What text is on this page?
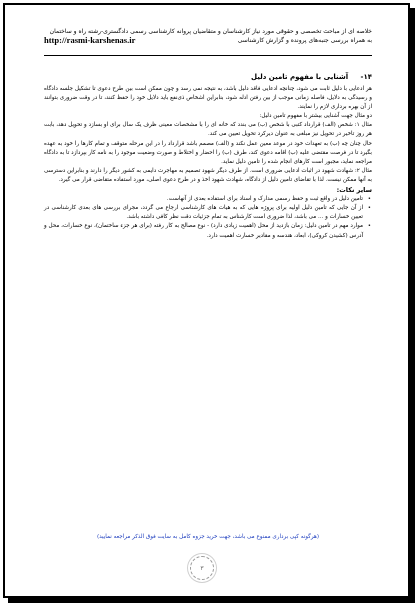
خلاصه ای از مباحث تخصصی و حقوقی مورد نیاز کارشناسان و متقاضیان پروانه کارشناسی رسمی دادگستری-رشته راه و ساختمان
به همراه بررسی جنبه‌های پرونده و گزارش کارشناسی
http://rasmi-karshenas.ir
۱۴- آشنایی با مفهوم تامین دلیل

هر ادعایی با دلیل ثابت می شود، چنانچه ادعایی فاقد دلیل باشد، به نتیجه نمی رسد و چون ممکن است بین طرح دعوی تا تشکیل جلسه دادگاه و رسیدگی به دلایل، فاصله زمانی موجب از بین رفتن ادله شود، بنابراین اشخاص ذی‌نفع باید دلایل خود را حفظ کنند، تا در وقت ضروری بتوانند از آن بهره برداری لازم را نمایند.

دو مثال جهت آشنایی بیشتر با مفهوم تامین دلیل:

مثال ۱: شخص (الف) قرارداد کتبی با شخص (ب) می بندد که خانه ای را با مشخصات معینی ظرف یک سال برای او بسازد و تحویل دهد، بابت هر روز تاخیر در تحویل نیز مبلغی به عنوان دیرکرد تحویل تعیین می کند.

حال چنان چه (ب) به تعهدات خود در موعد معین عمل نکند و (الف) مصمم باشد قرارداد را در این مرحله متوقف و تمام کارها را خود به عهده بگیرد تا در فرصت مقتضی علیه (ب) اقامه دعوی کند، طرف (ب) را احضار و اختلاط و صورت وضعیت موجود را به نامه کار بپردازد تا به دادگاه مراجعه نماید، مجبور است کارهای انجام شده را تامین دلیل نماید.

مثال ۲: شهادت شهود در اثبات ادعایی ضروری است. از طرف دیگر شهود تصمیم به مهاجرت دایمی به کشور دیگر را دارند و بنابراین دسترسی به آنها ممکن نیست. لذا با تقاضای تامین دلیل از دادگاه، شهادت شهود اخذ و در طرح دعوی اصلی، مورد استفاده متقاضی قرار می گیرد.

سایر نکات:

• تامین دلیل در واقع ثبت و حفظ رسمی مدارک و اسناد برای استفاده بعدی از آنهاست.

• از آن جایی که تامین دلیل اولیه برای پروژه هایی که به هیات های کارشناسی ارجاع می گردد، مجرای بررسی های بعدی کارشناسی در تعیین خسارات و ... می باشد، لذا ضروری است کارشناس به تمام جزئیات دقت نظر کافی داشته باشد.

• موارد مهم در تامین دلیل: زمان بازدید از محل (اهمیت زیادی دارد) - نوع مصالح به کار رفته (برای هر جزء ساختمان)، نوع خسارات، محل و آدرس (کشیدن کروکی)، ابعاد، هندسه و مقادیر خسارت اهمیت دارد.

(هرگونه کپی برداری ممنوع می باشد، جهت خرید جزوه کامل به سایت فوق الذکر مراجعه نمایید)
۳
